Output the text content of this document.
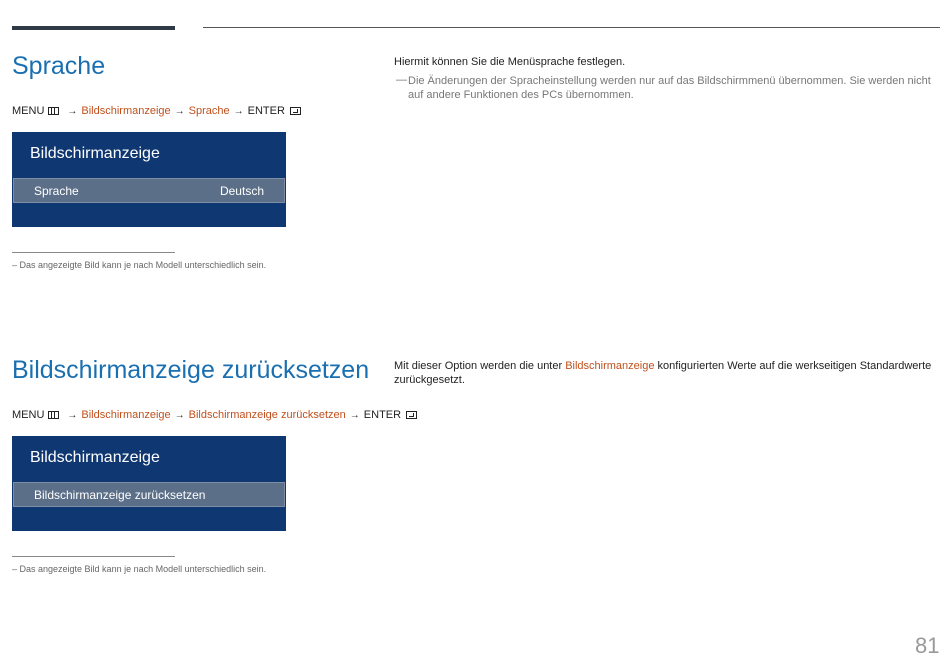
Sprache
MENU → Bildschirmanzeige → Sprache → ENTER
Bildschirmanzeige
Sprache	Deutsch
– Das angezeigte Bild kann je nach Modell unterschiedlich sein.
Hiermit können Sie die Menüsprache festlegen.
― Die Änderungen der Spracheinstellung werden nur auf das Bildschirmmenü übernommen. Sie werden nicht auf andere Funktionen des PCs übernommen.
Bildschirmanzeige zurücksetzen
MENU → Bildschirmanzeige → Bildschirmanzeige zurücksetzen → ENTER
Bildschirmanzeige
Bildschirmanzeige zurücksetzen
– Das angezeigte Bild kann je nach Modell unterschiedlich sein.
Mit dieser Option werden die unter Bildschirmanzeige konfigurierten Werte auf die werkseitigen Standardwerte zurückgesetzt.
81
